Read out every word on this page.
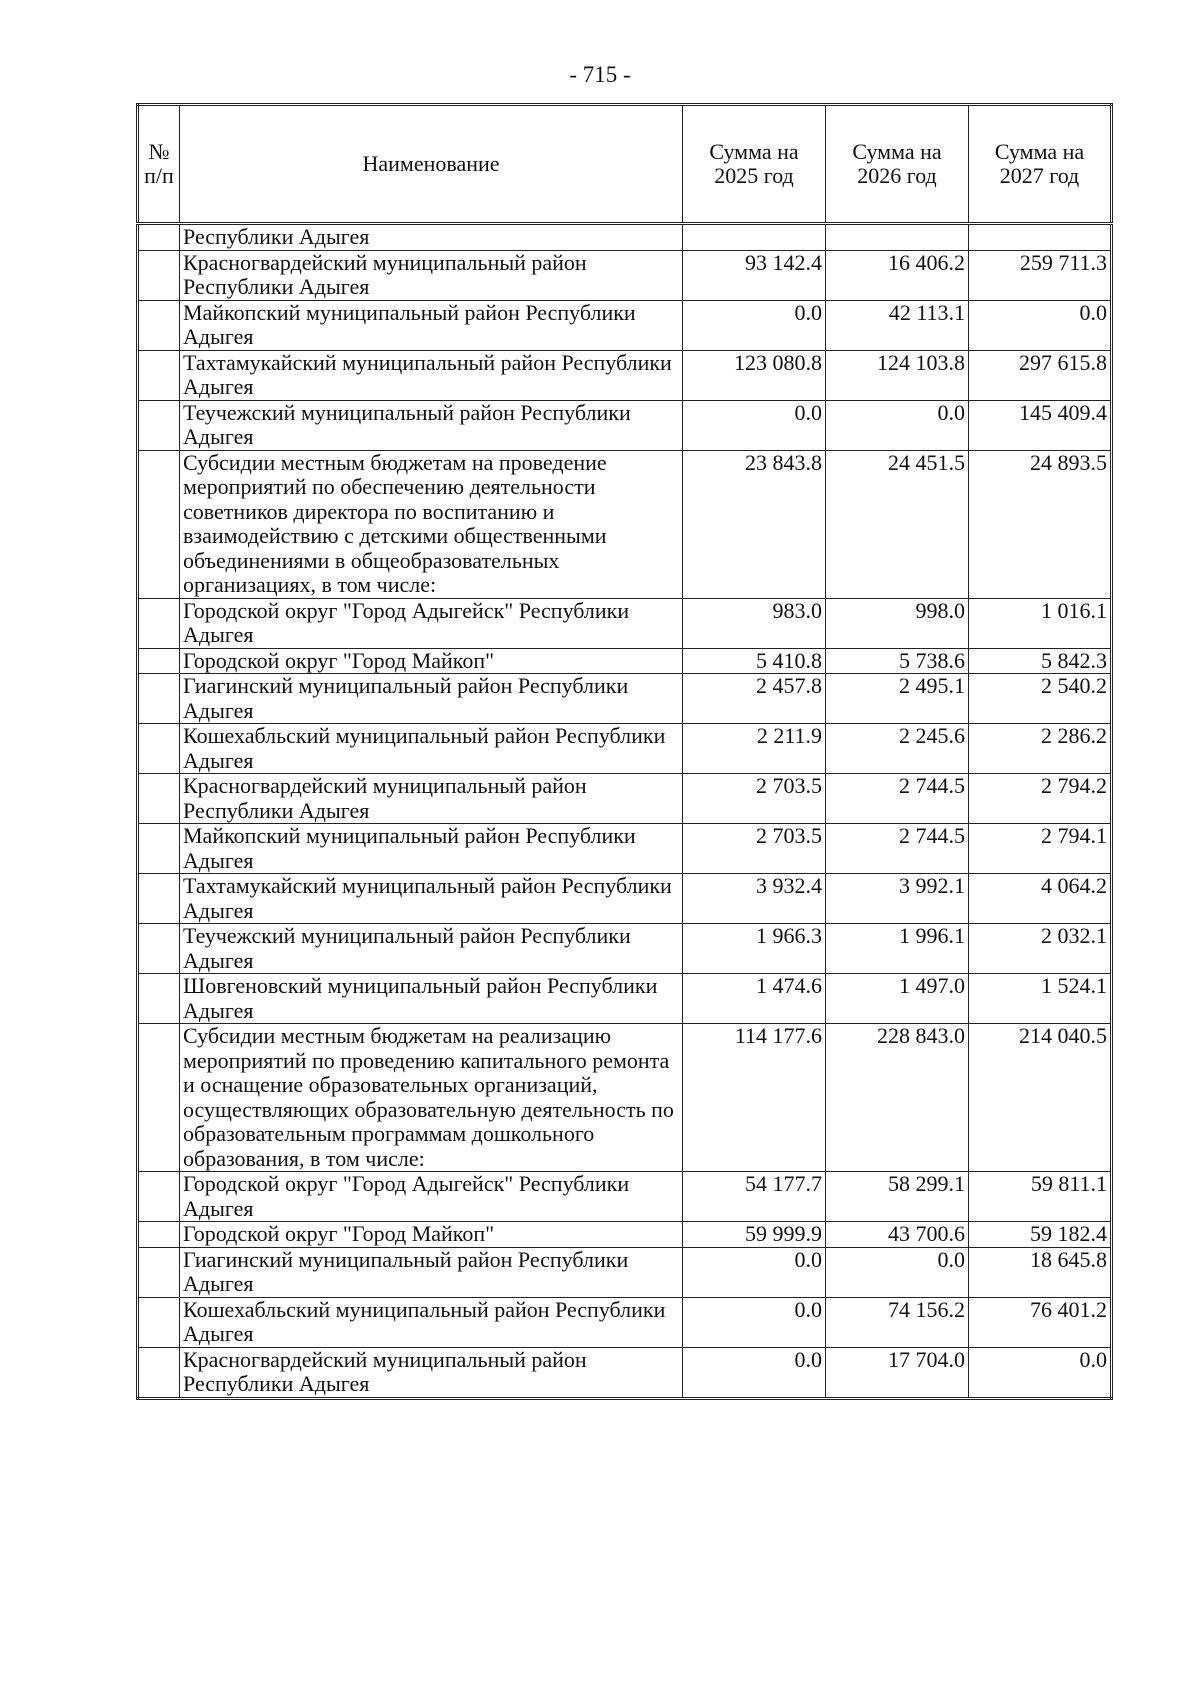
- 715 -
№ п/п	Наименование	Сумма на 2025 год	Сумма на 2026 год	Сумма на 2027 год
	Республики Адыгея			
	Красногвардейский муниципальный район Республики Адыгея	93 142.4	16 406.2	259 711.3
	Майкопский муниципальный район Республики Адыгея	0.0	42 113.1	0.0
	Тахтамукайский муниципальный район Республики Адыгея	123 080.8	124 103.8	297 615.8
	Теучежский муниципальный район Республики Адыгея	0.0	0.0	145 409.4
	Субсидии местным бюджетам на проведение мероприятий по обеспечению деятельности советников директора по воспитанию и взаимодействию с детскими общественными объединениями в общеобразовательных организациях, в том числе:	23 843.8	24 451.5	24 893.5
	Городской округ "Город Адыгейск" Республики Адыгея	983.0	998.0	1 016.1
	Городской округ "Город Майкоп"	5 410.8	5 738.6	5 842.3
	Гиагинский муниципальный район Республики Адыгея	2 457.8	2 495.1	2 540.2
	Кошехабльский муниципальный район Республики Адыгея	2 211.9	2 245.6	2 286.2
	Красногвардейский муниципальный район Республики Адыгея	2 703.5	2 744.5	2 794.2
	Майкопский муниципальный район Республики Адыгея	2 703.5	2 744.5	2 794.1
	Тахтамукайский муниципальный район Республики Адыгея	3 932.4	3 992.1	4 064.2
	Теучежский муниципальный район Республики Адыгея	1 966.3	1 996.1	2 032.1
	Шовгеновский муниципальный район Республики Адыгея	1 474.6	1 497.0	1 524.1
	Субсидии местным бюджетам на реализацию мероприятий по проведению капитального ремонта и оснащение образовательных организаций, осуществляющих образовательную деятельность по образовательным программам дошкольного образования, в том числе:	114 177.6	228 843.0	214 040.5
	Городской округ "Город Адыгейск" Республики Адыгея	54 177.7	58 299.1	59 811.1
	Городской округ "Город Майкоп"	59 999.9	43 700.6	59 182.4
	Гиагинский муниципальный район Республики Адыгея	0.0	0.0	18 645.8
	Кошехабльский муниципальный район Республики Адыгея	0.0	74 156.2	76 401.2
	Красногвардейский муниципальный район Республики Адыгея	0.0	17 704.0	0.0
